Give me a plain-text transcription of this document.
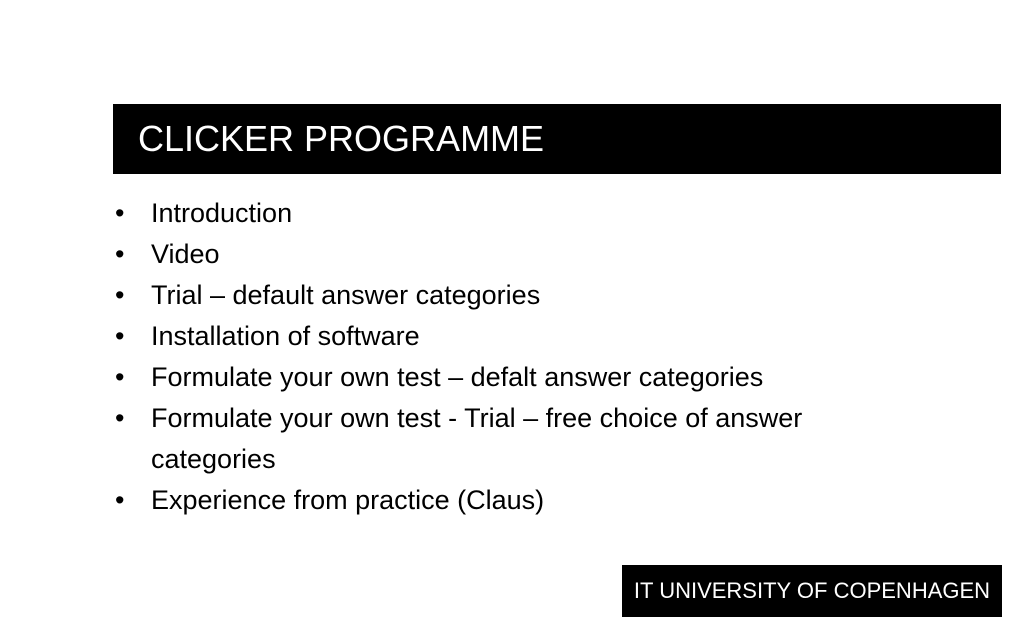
CLICKER PROGRAMME
• Introduction
• Video
• Trial – default answer categories
• Installation of software
• Formulate your own test – defalt answer categories
• Formulate your own test - Trial – free choice of answer categories
• Experience from practice (Claus)
IT UNIVERSITY OF COPENHAGEN
